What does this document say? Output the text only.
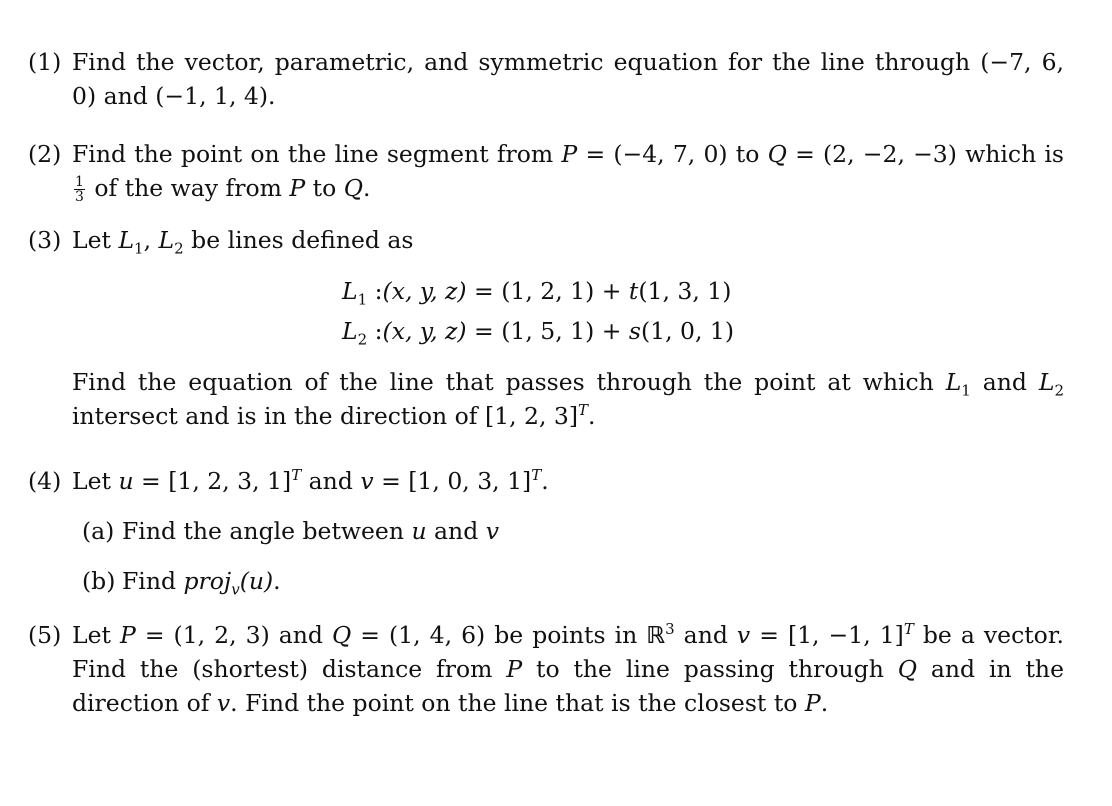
(1) Find the vector, parametric, and symmetric equation for the line through (−7, 6, 0) and (−1, 1, 4).

(2) Find the point on the line segment from P = (−4, 7, 0) to Q = (2, −2, −3) which is
$\frac{1}{3}$ of the way from P to Q.

(3) Let $L_1$, $L_2$ be lines defined as

$L_1$ :(x, y, z) = (1, 2, 1) + t(1, 3, 1)
$L_2$ :(x, y, z) = (1, 5, 1) + s(1, 0, 1)

Find the equation of the line that passes through the point at which $L_1$ and $L_2$ intersect and is in the direction of [1, 2, 3]$^T$.

(4) Let u = [1, 2, 3, 1]$^T$ and v = [1, 0, 3, 1]$^T$.

(a) Find the angle between u and v
(b) Find proj$_v$(u).
(5) Let P = (1, 2, 3) and Q = (1, 4, 6) be points in ℝ$^3$ and v = [1, −1, 1]$^T$ be a vector. Find the (shortest) distance from P to the line passing through Q and in the direction of v. Find the point on the line that is the closest to P.
